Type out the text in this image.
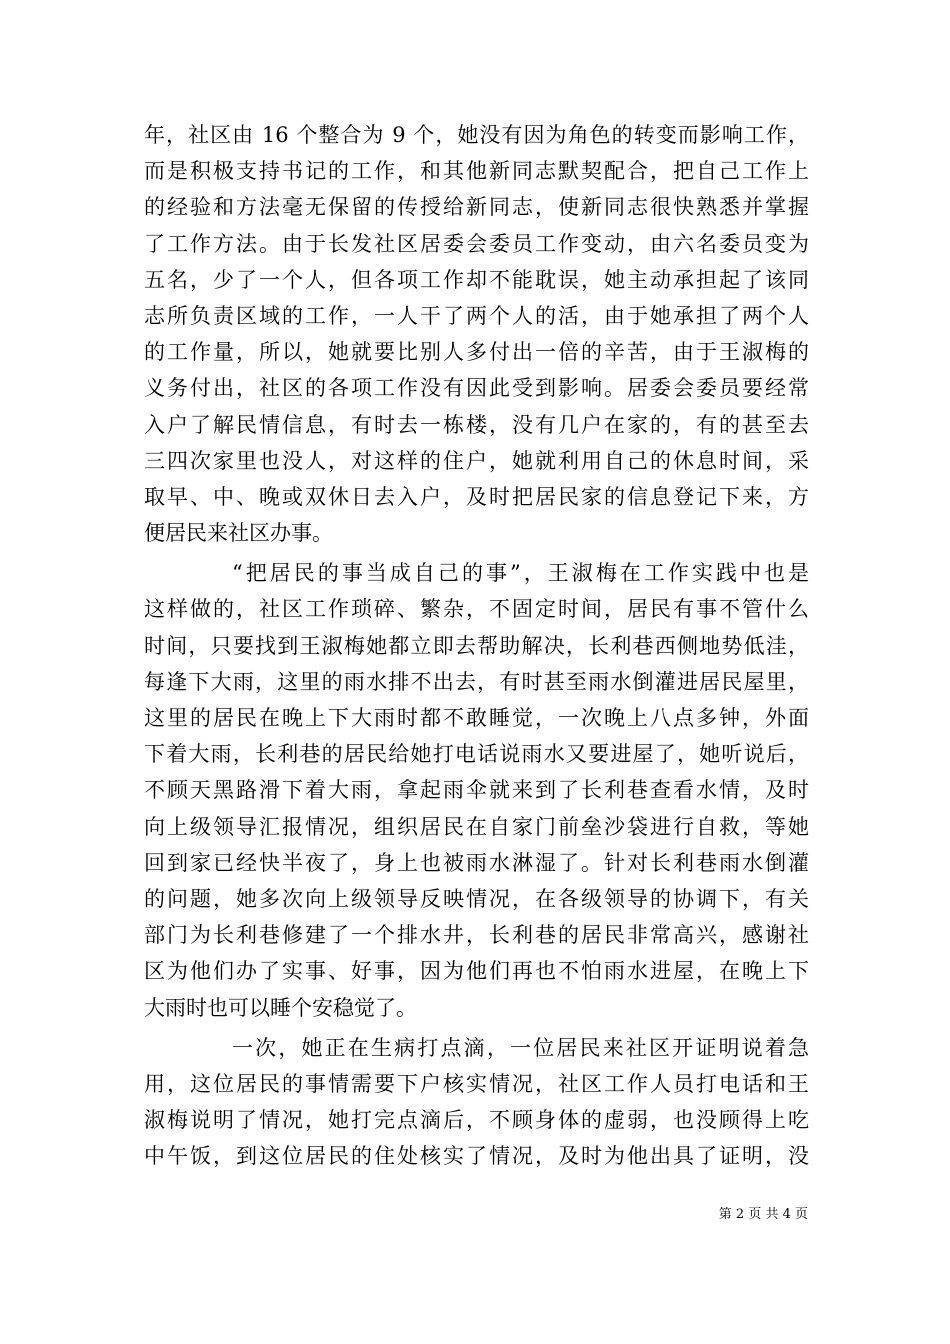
年，社区由 16 个整合为 9 个，她没有因为角色的转变而影响工作，
而是积极支持书记的工作，和其他新同志默契配合，把自己工作上
的经验和方法毫无保留的传授给新同志，使新同志很快熟悉并掌握
了工作方法。由于长发社区居委会委员工作变动，由六名委员变为
五名，少了一个人，但各项工作却不能耽误，她主动承担起了该同
志所负责区域的工作，一人干了两个人的活，由于她承担了两个人
的工作量，所以，她就要比别人多付出一倍的辛苦，由于王淑梅的
义务付出，社区的各项工作没有因此受到影响。居委会委员要经常
入户了解民情信息，有时去一栋楼，没有几户在家的，有的甚至去
三四次家里也没人，对这样的住户，她就利用自己的休息时间，采
取早、中、晚或双休日去入户，及时把居民家的信息登记下来，方
便居民来社区办事。
“把居民的事当成自己的事”，王淑梅在工作实践中也是
这样做的，社区工作琐碎、繁杂，不固定时间，居民有事不管什么
时间，只要找到王淑梅她都立即去帮助解决，长利巷西侧地势低洼，
每逢下大雨，这里的雨水排不出去，有时甚至雨水倒灌进居民屋里，
这里的居民在晚上下大雨时都不敢睡觉，一次晚上八点多钟，外面
下着大雨，长利巷的居民给她打电话说雨水又要进屋了，她听说后，
不顾天黑路滑下着大雨，拿起雨伞就来到了长利巷查看水情，及时
向上级领导汇报情况，组织居民在自家门前垒沙袋进行自救，等她
回到家已经快半夜了，身上也被雨水淋湿了。针对长利巷雨水倒灌
的问题，她多次向上级领导反映情况，在各级领导的协调下，有关
部门为长利巷修建了一个排水井，长利巷的居民非常高兴，感谢社
区为他们办了实事、好事，因为他们再也不怕雨水进屋，在晚上下
大雨时也可以睡个安稳觉了。
一次，她正在生病打点滴，一位居民来社区开证明说着急
用，这位居民的事情需要下户核实情况，社区工作人员打电话和王
淑梅说明了情况，她打完点滴后，不顾身体的虚弱，也没顾得上吃
中午饭，到这位居民的住处核实了情况，及时为他出具了证明，没
第 2 页 共 4 页
